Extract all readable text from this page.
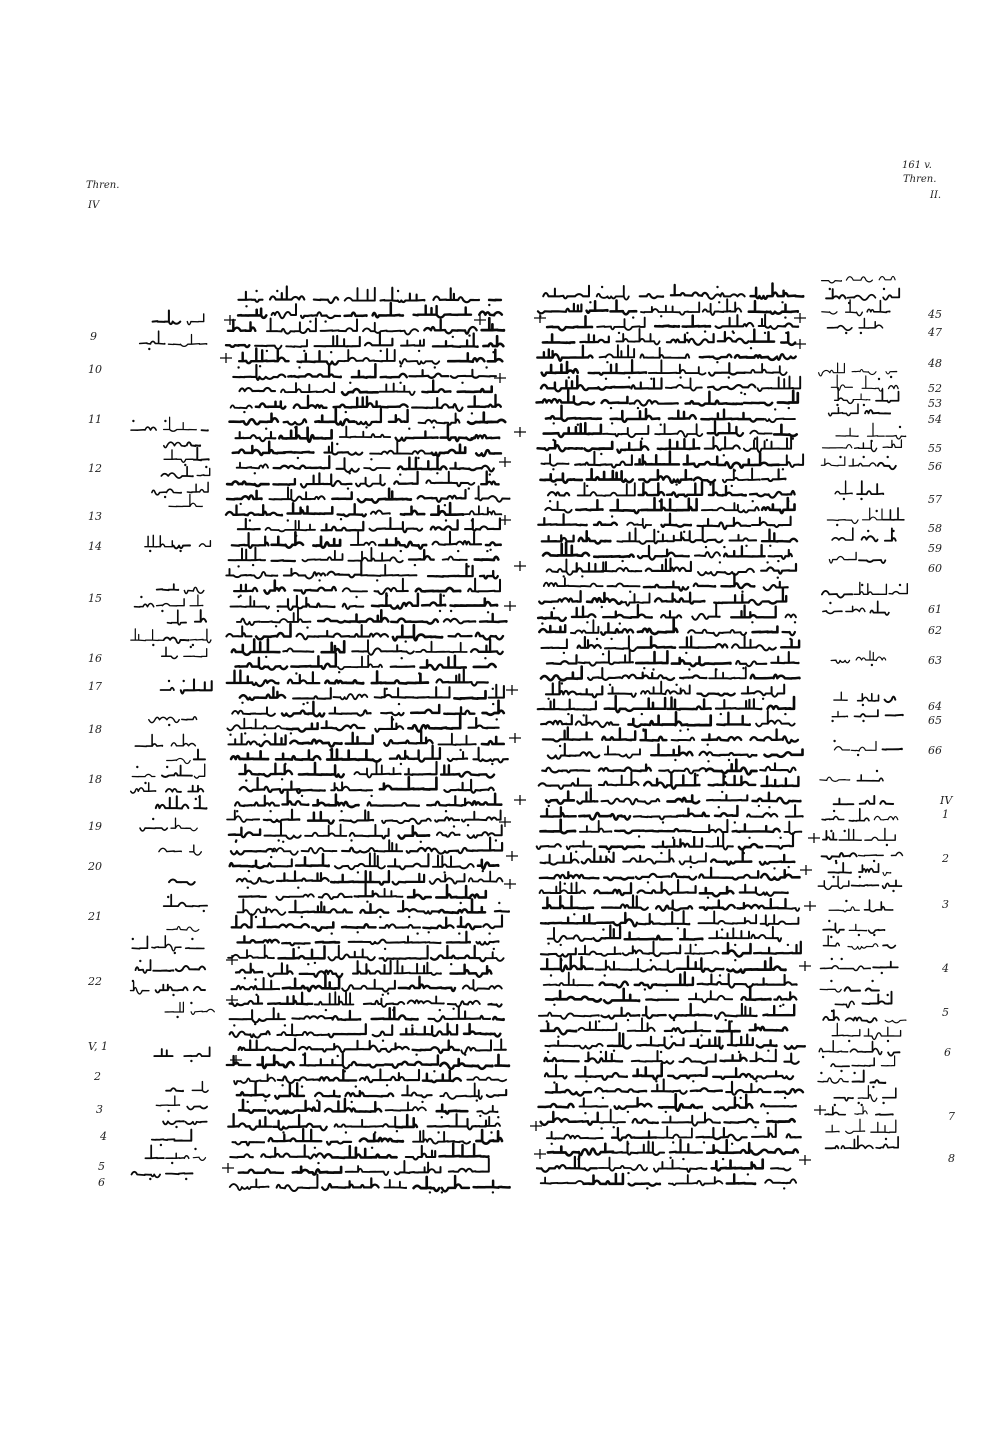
161 v.
Thren.
II.
Thren.
IV
9
10
11
12
13
14
15
16
17
18
18
19
20
21
22
V, 1
2
3
4
5
6
45
47
48
52
53
54
55
56
57
58
59
60
61
62
63
64
65
66
IV
1
2
3
4
5
6
7
8
